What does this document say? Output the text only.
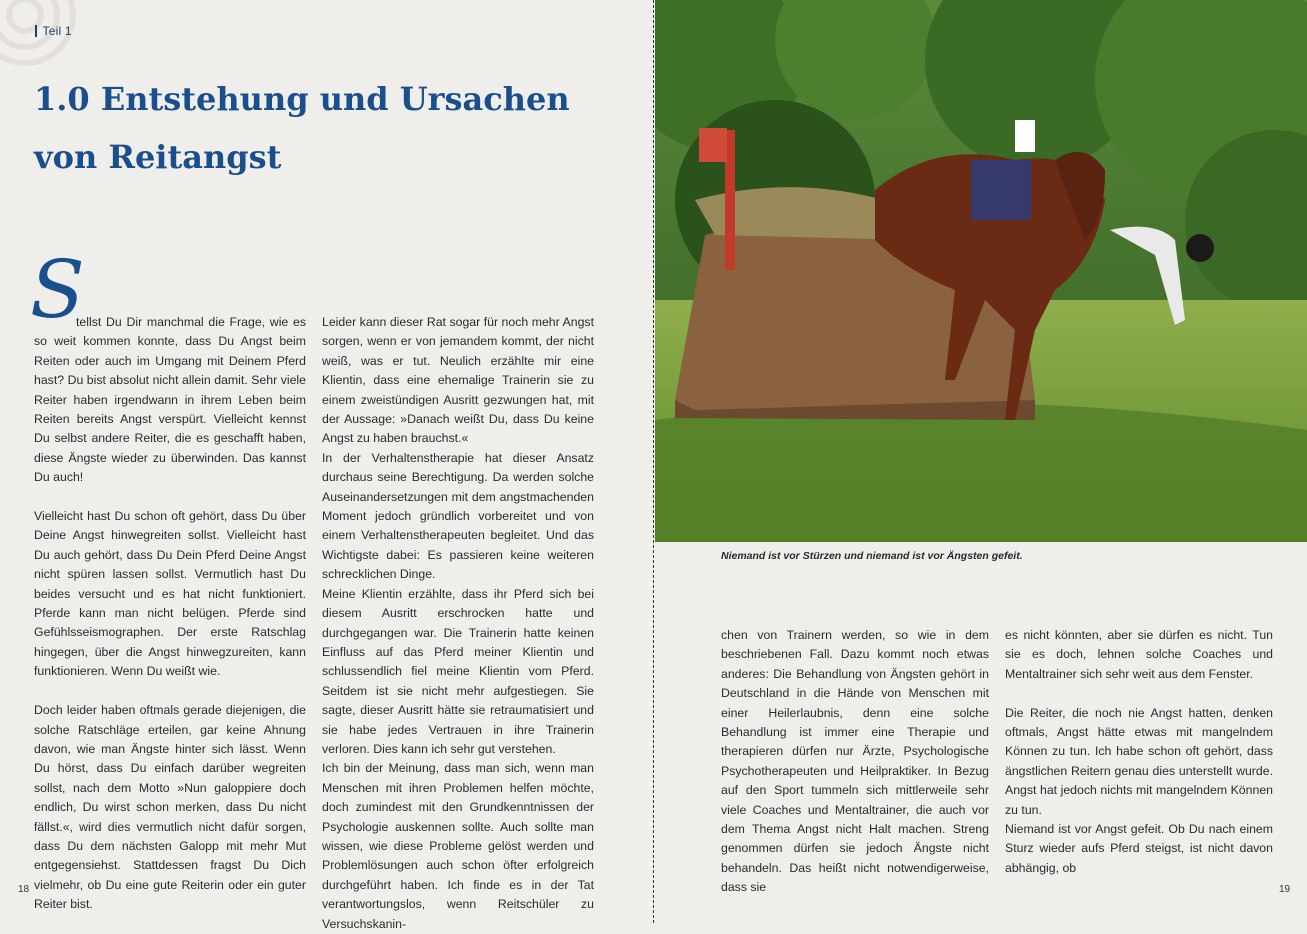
Teil 1
1.0 Entstehung und Ursachen
von Reitangst
S

tellst Du Dir manchmal die Frage, wie es so weit kommen konnte, dass Du Angst beim Reiten oder auch im Umgang mit Deinem Pferd hast? Du bist absolut nicht allein damit. Sehr viele Reiter haben irgendwann in ihrem Leben beim Reiten bereits Angst verspürt. Vielleicht kennst Du selbst andere Reiter, die es geschafft haben, diese Ängste wieder zu überwinden. Das kannst Du auch!

Vielleicht hast Du schon oft gehört, dass Du über Deine Angst hinwegreiten sollst. Vielleicht hast Du auch gehört, dass Du Dein Pferd Deine Angst nicht spüren lassen sollst. Vermutlich hast Du beides versucht und es hat nicht funktioniert. Pferde kann man nicht belügen. Pferde sind Gefühlsseismographen. Der erste Ratschlag hingegen, über die Angst hinwegzureiten, kann funktionieren. Wenn Du weißt wie.

Doch leider haben oftmals gerade diejenigen, die solche Ratschläge erteilen, gar keine Ahnung davon, wie man Ängste hinter sich lässt. Wenn Du hörst, dass Du einfach darüber wegreiten sollst, nach dem Motto »Nun galoppiere doch endlich, Du wirst schon merken, dass Du nicht fällst.«, wird dies vermutlich nicht dafür sorgen, dass Du dem nächsten Galopp mit mehr Mut entgegensiehst. Stattdessen fragst Du Dich vielmehr, ob Du eine gute Reiterin oder ein guter Reiter bist.

Leider kann dieser Rat sogar für noch mehr Angst sorgen, wenn er von jemandem kommt, der nicht weiß, was er tut. Neulich erzählte mir eine Klientin, dass eine ehemalige Trainerin sie zu einem zweistündigen Ausritt gezwungen hat, mit der Aussage: »Danach weißt Du, dass Du keine Angst zu haben brauchst.«

In der Verhaltenstherapie hat dieser Ansatz durchaus seine Berechtigung. Da werden solche Auseinandersetzungen mit dem angstmachenden Moment jedoch gründlich vorbereitet und von einem Verhaltenstherapeuten begleitet. Und das Wichtigste dabei: Es passieren keine weiteren schrecklichen Dinge.

Meine Klientin erzählte, dass ihr Pferd sich bei diesem Ausritt erschrocken hatte und durchgegangen war. Die Trainerin hatte keinen Einfluss auf das Pferd meiner Klientin und schlussendlich fiel meine Klientin vom Pferd. Seitdem ist sie nicht mehr aufgestiegen. Sie sagte, dieser Ausritt hätte sie retraumatisiert und sie habe jedes Vertrauen in ihre Trainerin verloren. Dies kann ich sehr gut verstehen.

Ich bin der Meinung, dass man sich, wenn man Menschen mit ihren Problemen helfen möchte, doch zumindest mit den Grundkenntnissen der Psychologie auskennen sollte. Auch sollte man wissen, wie diese Probleme gelöst werden und Problemlösungen auch schon öfter erfolgreich durchgeführt haben. Ich finde es in der Tat verantwortungslos, wenn Reitschüler zu Versuchskanin-

18
Niemand ist vor Stürzen und niemand ist vor Ängsten gefeit.

chen von Trainern werden, so wie in dem beschriebenen Fall. Dazu kommt noch etwas anderes: Die Behandlung von Ängsten gehört in Deutschland in die Hände von Menschen mit einer Heilerlaubnis, denn eine solche Behandlung ist immer eine Therapie und therapieren dürfen nur Ärzte, Psychologische Psychotherapeuten und Heilpraktiker. In Bezug auf den Sport tummeln sich mittlerweile sehr viele Coaches und Mentaltrainer, die auch vor dem Thema Angst nicht Halt machen. Streng genommen dürfen sie jedoch Ängste nicht behandeln. Das heißt nicht notwendigerweise, dass sie

es nicht könnten, aber sie dürfen es nicht. Tun sie es doch, lehnen solche Coaches und Mentaltrainer sich sehr weit aus dem Fenster.

Die Reiter, die noch nie Angst hatten, denken oftmals, Angst hätte etwas mit mangelndem Können zu tun. Ich habe schon oft gehört, dass ängstlichen Reitern genau dies unterstellt wurde. Angst hat jedoch nichts mit mangelndem Können zu tun.

Niemand ist vor Angst gefeit. Ob Du nach einem Sturz wieder aufs Pferd steigst, ist nicht davon abhängig, ob

19
